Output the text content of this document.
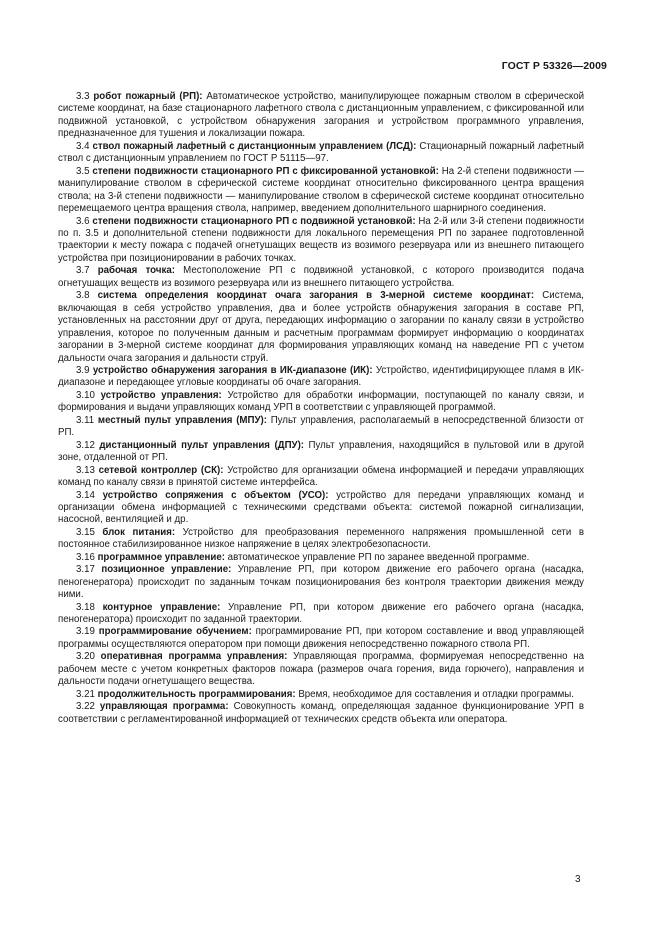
ГОСТ Р 53326—2009

3.3 робот пожарный (РП): Автоматическое устройство, манипулирующее пожарным стволом в сферической системе координат, на базе стационарного лафетного ствола с дистанционным управлением, с фиксированной или подвижной установкой, с устройством обнаружения загорания и устройством программного управления, предназначенное для тушения и локализации пожара.

3.4 ствол пожарный лафетный с дистанционным управлением (ЛСД): Стационарный пожарный лафетный ствол с дистанционным управлением по ГОСТ Р 51115—97.

3.5 степени подвижности стационарного РП с фиксированной установкой: На 2-й степени подвижности — манипулирование стволом в сферической системе координат относительно фиксированного центра вращения ствола; на 3-й степени подвижности — манипулирование стволом в сферической системе координат относительно перемещаемого центра вращения ствола, например, введением дополнительного шарнирного соединения.

3.6 степени подвижности стационарного РП с подвижной установкой: На 2-й или 3-й степени подвижности по п. 3.5 и дополнительной степени подвижности для локального перемещения РП по заранее подготовленной траектории к месту пожара с подачей огнетушащих веществ из возимого резервуара или из внешнего питающего устройства при позиционировании в рабочих точках.

3.7 рабочая точка: Местоположение РП с подвижной установкой, с которого производится подача огнетушащих веществ из возимого резервуара или из внешнего питающего устройства.

3.8 система определения координат очага загорания в 3-мерной системе координат: Система, включающая в себя устройство управления, два и более устройств обнаружения загорания в составе РП, установленных на расстоянии друг от друга, передающих информацию о загорании по каналу связи в устройство управления, которое по полученным данным и расчетным программам формирует информацию о координатах загорании в 3-мерной системе координат для формирования управляющих команд на наведение РП с учетом дальности очага загорания и дальности струй.

3.9 устройство обнаружения загорания в ИК-диапазоне (ИК): Устройство, идентифицирующее пламя в ИК-диапазоне и передающее угловые координаты об очаге загорания.

3.10 устройство управления: Устройство для обработки информации, поступающей по каналу связи, и формирования и выдачи управляющих команд УРП в соответствии с управляющей программой.

3.11 местный пульт управления (МПУ): Пульт управления, располагаемый в непосредственной близости от РП.

3.12 дистанционный пульт управления (ДПУ): Пульт управления, находящийся в пультовой или в другой зоне, отдаленной от РП.

3.13 сетевой контроллер (СК): Устройство для организации обмена информацией и передачи управляющих команд по каналу связи в принятой системе интерфейса.

3.14 устройство сопряжения с объектом (УСО): устройство для передачи управляющих команд и организации обмена информацией с техническими средствами объекта: системой пожарной сигнализации, насосной, вентиляцией и др.

3.15 блок питания: Устройство для преобразования переменного напряжения промышленной сети в постоянное стабилизированное низкое напряжение в целях электробезопасности.

3.16 программное управление: автоматическое управление РП по заранее введенной программе.

3.17 позиционное управление: Управление РП, при котором движение его рабочего органа (насадка, пеногенератора) происходит по заданным точкам позиционирования без контроля траектории движения между ними.

3.18 контурное управление: Управление РП, при котором движение его рабочего органа (насадка, пеногенератора) происходит по заданной траектории.

3.19 программирование обучением: программирование РП, при котором составление и ввод управляющей программы осуществляются оператором при помощи движения непосредственно пожарного ствола РП.

3.20 оперативная программа управления: Управляющая программа, формируемая непосредственно на рабочем месте с учетом конкретных факторов пожара (размеров очага горения, вида горючего), направления и дальности подачи огнетушащего вещества.

3.21 продолжительность программирования: Время, необходимое для составления и отладки программы.

3.22 управляющая программа: Совокупность команд, определяющая заданное функционирование УРП в соответствии с регламентированной информацией от технических средств объекта или оператора.

3
